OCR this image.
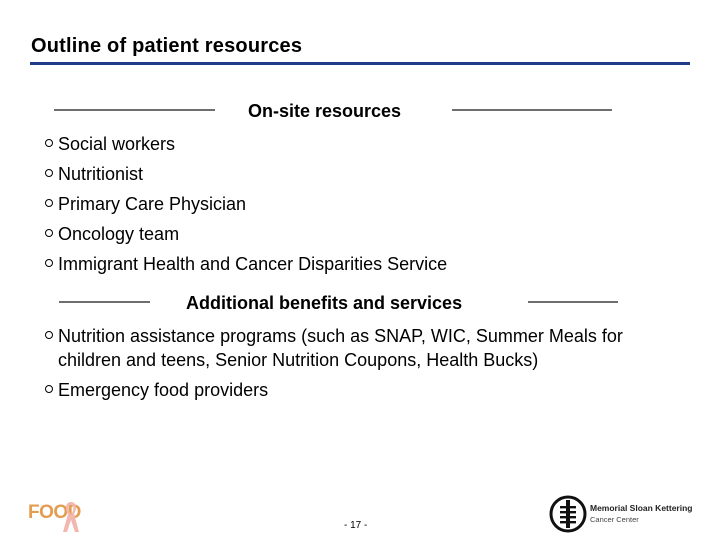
Outline of patient resources
On-site resources
Social workers
Nutritionist
Primary Care Physician
Oncology team
Immigrant Health and Cancer Disparities Service
Additional benefits and services
Nutrition assistance programs (such as SNAP, WIC, Summer Meals for children and teens, Senior Nutrition Coupons, Health Bucks)
Emergency food providers
FOOD
- 17 -
Memorial Sloan Kettering
Cancer Center
